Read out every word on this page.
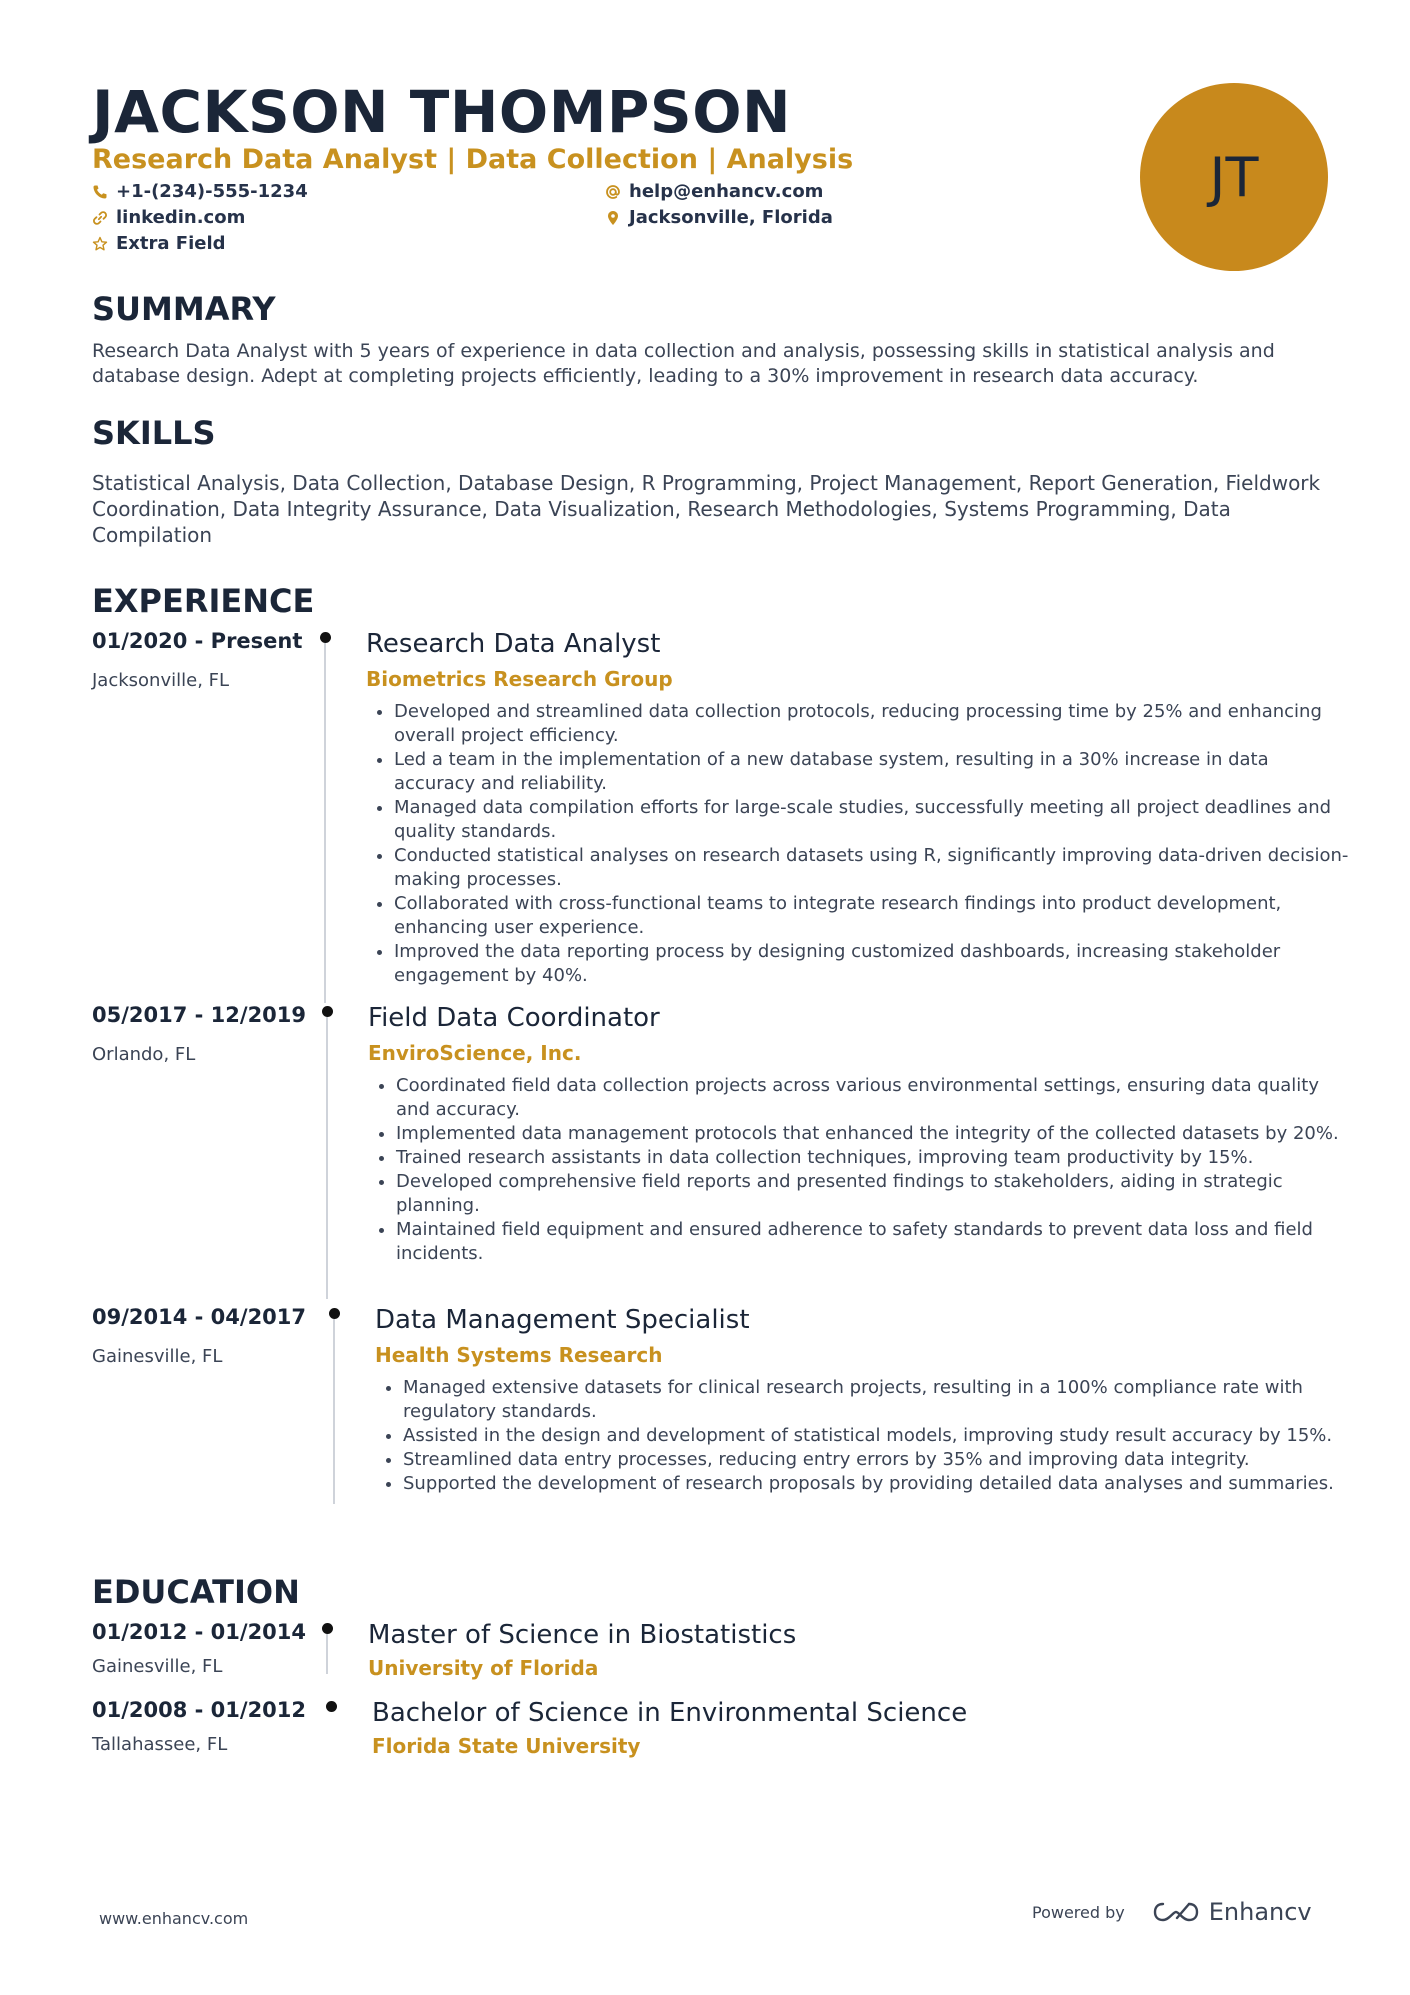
JACKSON THOMPSON

Research Data Analyst | Data Collection | Analysis

+1-(234)-555-1234	help@enhancv.com
linkedin.com	Jacksonville, Florida
Extra Field
JT
SUMMARY

Research Data Analyst with 5 years of experience in data collection and analysis, possessing skills in statistical analysis and database design. Adept at completing projects efficiently, leading to a 30% improvement in research data accuracy.

SKILLS

Statistical Analysis, Data Collection, Database Design, R Programming, Project Management, Report Generation, Fieldwork Coordination, Data Integrity Assurance, Data Visualization, Research Methodologies, Systems Programming, Data Compilation

EXPERIENCE
01/2020 - Present
Jacksonville, FL
Research Data Analyst
Biometrics Research Group
• Developed and streamlined data collection protocols, reducing processing time by 25% and enhancing overall project efficiency.
• Led a team in the implementation of a new database system, resulting in a 30% increase in data accuracy and reliability.
• Managed data compilation efforts for large-scale studies, successfully meeting all project deadlines and quality standards.
• Conducted statistical analyses on research datasets using R, significantly improving data-driven decision-making processes.
• Collaborated with cross-functional teams to integrate research findings into product development, enhancing user experience.
• Improved the data reporting process by designing customized dashboards, increasing stakeholder engagement by 40%.
05/2017 - 12/2019
Orlando, FL
Field Data Coordinator
EnviroScience, Inc.
• Coordinated field data collection projects across various environmental settings, ensuring data quality and accuracy.
• Implemented data management protocols that enhanced the integrity of the collected datasets by 20%.
• Trained research assistants in data collection techniques, improving team productivity by 15%.
• Developed comprehensive field reports and presented findings to stakeholders, aiding in strategic planning.
• Maintained field equipment and ensured adherence to safety standards to prevent data loss and field incidents.
09/2014 - 04/2017
Gainesville, FL
Data Management Specialist
Health Systems Research
• Managed extensive datasets for clinical research projects, resulting in a 100% compliance rate with regulatory standards.
• Assisted in the design and development of statistical models, improving study result accuracy by 15%.
• Streamlined data entry processes, reducing entry errors by 35% and improving data integrity.
• Supported the development of research proposals by providing detailed data analyses and summaries.
EDUCATION
01/2012 - 01/2014
Gainesville, FL
Master of Science in Biostatistics
University of Florida
01/2008 - 01/2012
Tallahassee, FL
Bachelor of Science in Environmental Science
Florida State University
www.enhancv.com	Powered by	Enhancv
